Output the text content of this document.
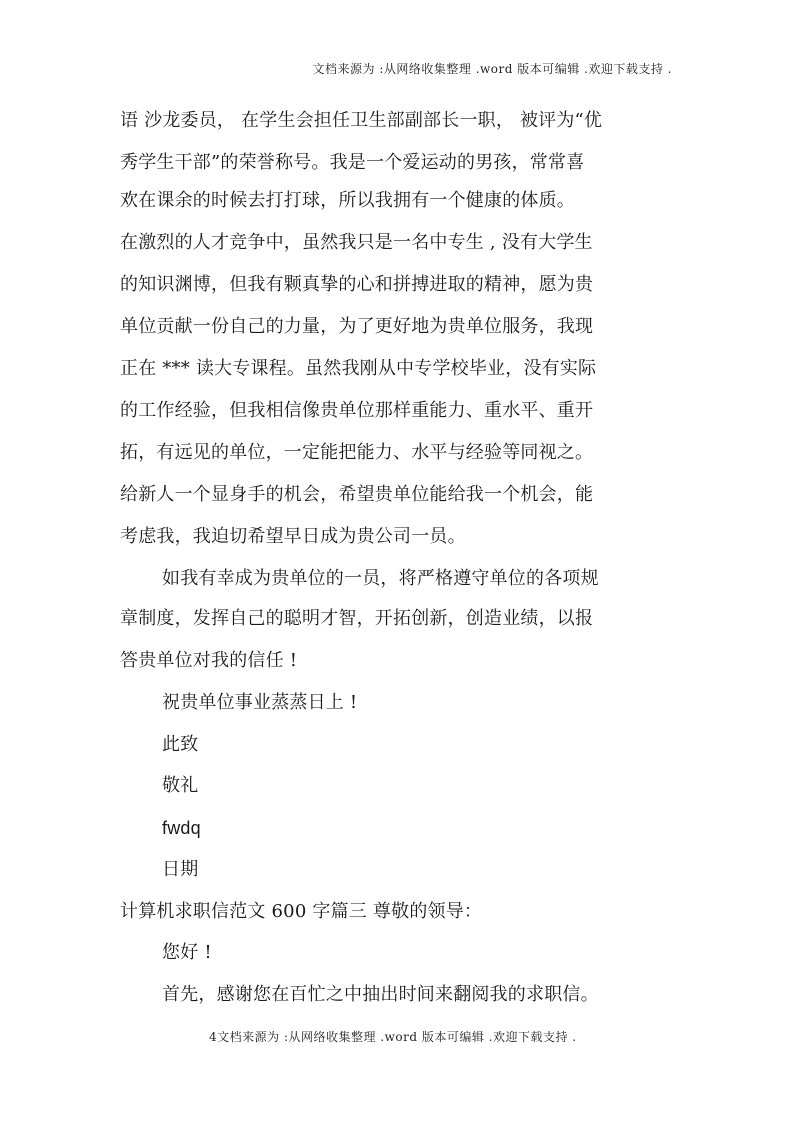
文档来源为 :从网络收集整理 .word 版本可编辑 .欢迎下载支持 .
语 沙龙委员， 在学生会担任卫生部副部长一职， 被评为“优
秀学生干部”的荣誉称号。我是一个爱运动的男孩，常常喜
欢在课余的时候去打打球，所以我拥有一个健康的体质。
在激烈的人才竞争中，虽然我只是一名中专生 , 没有大学生
的知识渊博，但我有颗真挚的心和拼搏进取的精神，愿为贵
单位贡献一份自己的力量，为了更好地为贵单位服务，我现
正在 *** 读大专课程。虽然我刚从中专学校毕业，没有实际
的工作经验，但我相信像贵单位那样重能力、重水平、重开
拓，有远见的单位，一定能把能力、水平与经验等同视之。
给新人一个显身手的机会，希望贵单位能给我一个机会，能
考虑我，我迫切希望早日成为贵公司一员。
如我有幸成为贵单位的一员，将严格遵守单位的各项规
章制度，发挥自己的聪明才智，开拓创新，创造业绩，以报
答贵单位对我的信任 !
祝贵单位事业蒸蒸日上 !
此致
敬礼
fwdq
日期
计算机求职信范文 600 字篇三 尊敬的领导：
您好 !
首先，感谢您在百忙之中抽出时间来翻阅我的求职信。
4文档来源为 :从网络收集整理 .word 版本可编辑 .欢迎下载支持 .
